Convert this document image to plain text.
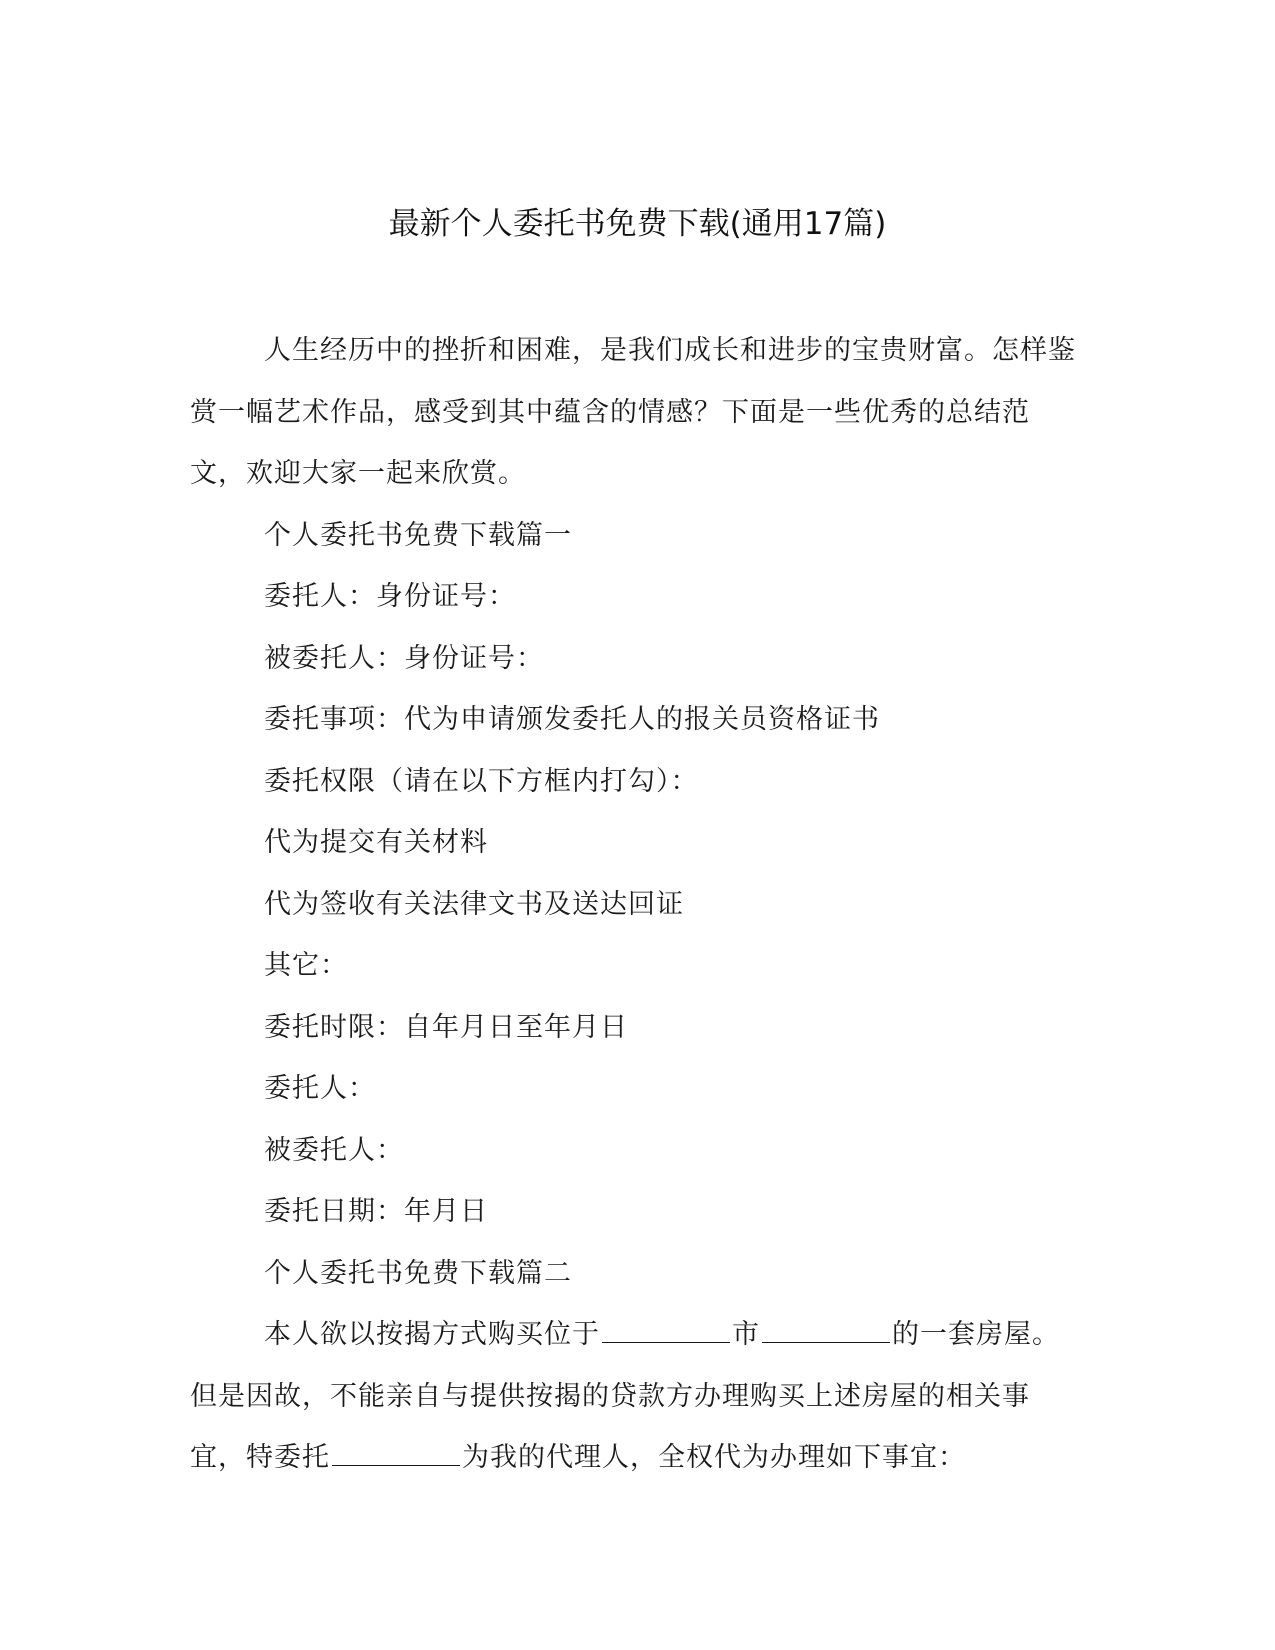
最新个人委托书免费下载(通用17篇)

人生经历中的挫折和困难，是我们成长和进步的宝贵财富。怎样鉴赏一幅艺术作品，感受到其中蕴含的情感？下面是一些优秀的总结范文，欢迎大家一起来欣赏。

个人委托书免费下载篇一

委托人：身份证号：

被委托人：身份证号：

委托事项：代为申请颁发委托人的报关员资格证书

委托权限（请在以下方框内打勾）：

代为提交有关材料

代为签收有关法律文书及送达回证

其它：

委托时限：自年月日至年月日

委托人：

被委托人：

委托日期：年月日

个人委托书免费下载篇二

本人欲以按揭方式购买位于	市	的一套房屋。但是因故，不能亲自与提供按揭的贷款方办理购买上述房屋的相关事宜，特委托	为我的代理人，全权代为办理如下事宜：
